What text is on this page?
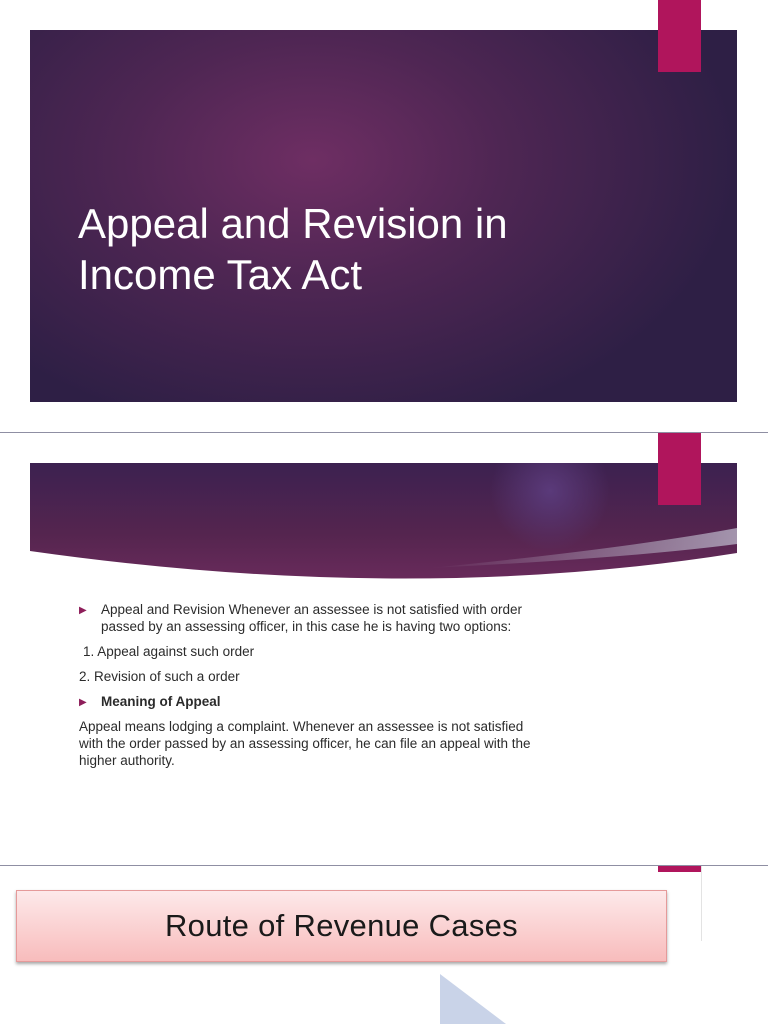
Appeal and Revision in
Income Tax Act
▶ Appeal and Revision Whenever an assessee is not satisfied with order
passed by an assessing officer, in this case he is having two options:
1. Appeal against such order
2. Revision of such a order
▶ Meaning of Appeal
Appeal means lodging a complaint. Whenever an assessee is not satisfied
with the order passed by an assessing officer, he can file an appeal with the
higher authority.
Route of Revenue Cases
